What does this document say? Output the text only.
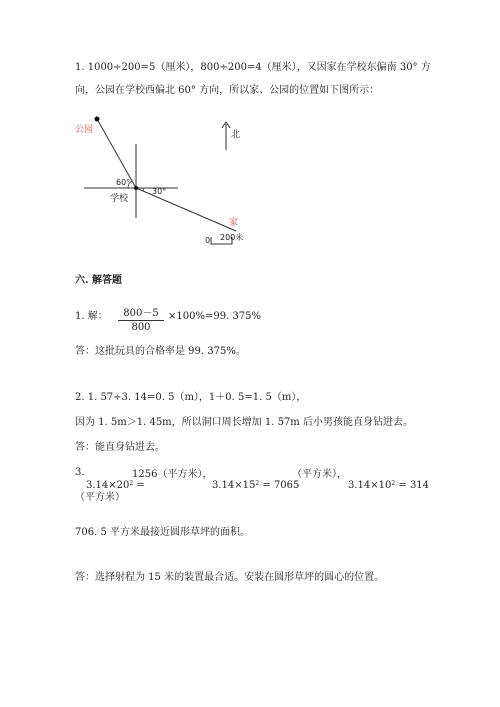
1. 1000÷200=5（厘米），800÷200=4（厘米），又因家在学校东偏南 30° 方
向，公园在学校西偏北 60° 方向，所以家、公园的位置如下图所示：
公园	北
60°
30°
学校
家
0 200米
六. 解答题
1. 解：	800－5
800
×100%=99. 375%
答：这批玩具的合格率是 99. 375%。
2. 1. 57÷3. 14=0. 5（m），1＋0. 5=1. 5（m），
因为 1. 5m＞1. 45m，所以洞口周长增加 1. 57m 后小男孩能直身钻进去。
答：能直身钻进去。
3.	1256（平方米），	（平方米），
$3.14\times 20^2$ =	$3.14\times 15^2 = 7065$	$3.14\times 10^2 = 314$
（平方米）
706. 5 平方米最接近圆形草坪的面积。
答：选择射程为 15 米的装置最合适。安装在圆形草坪的圆心的位置。
